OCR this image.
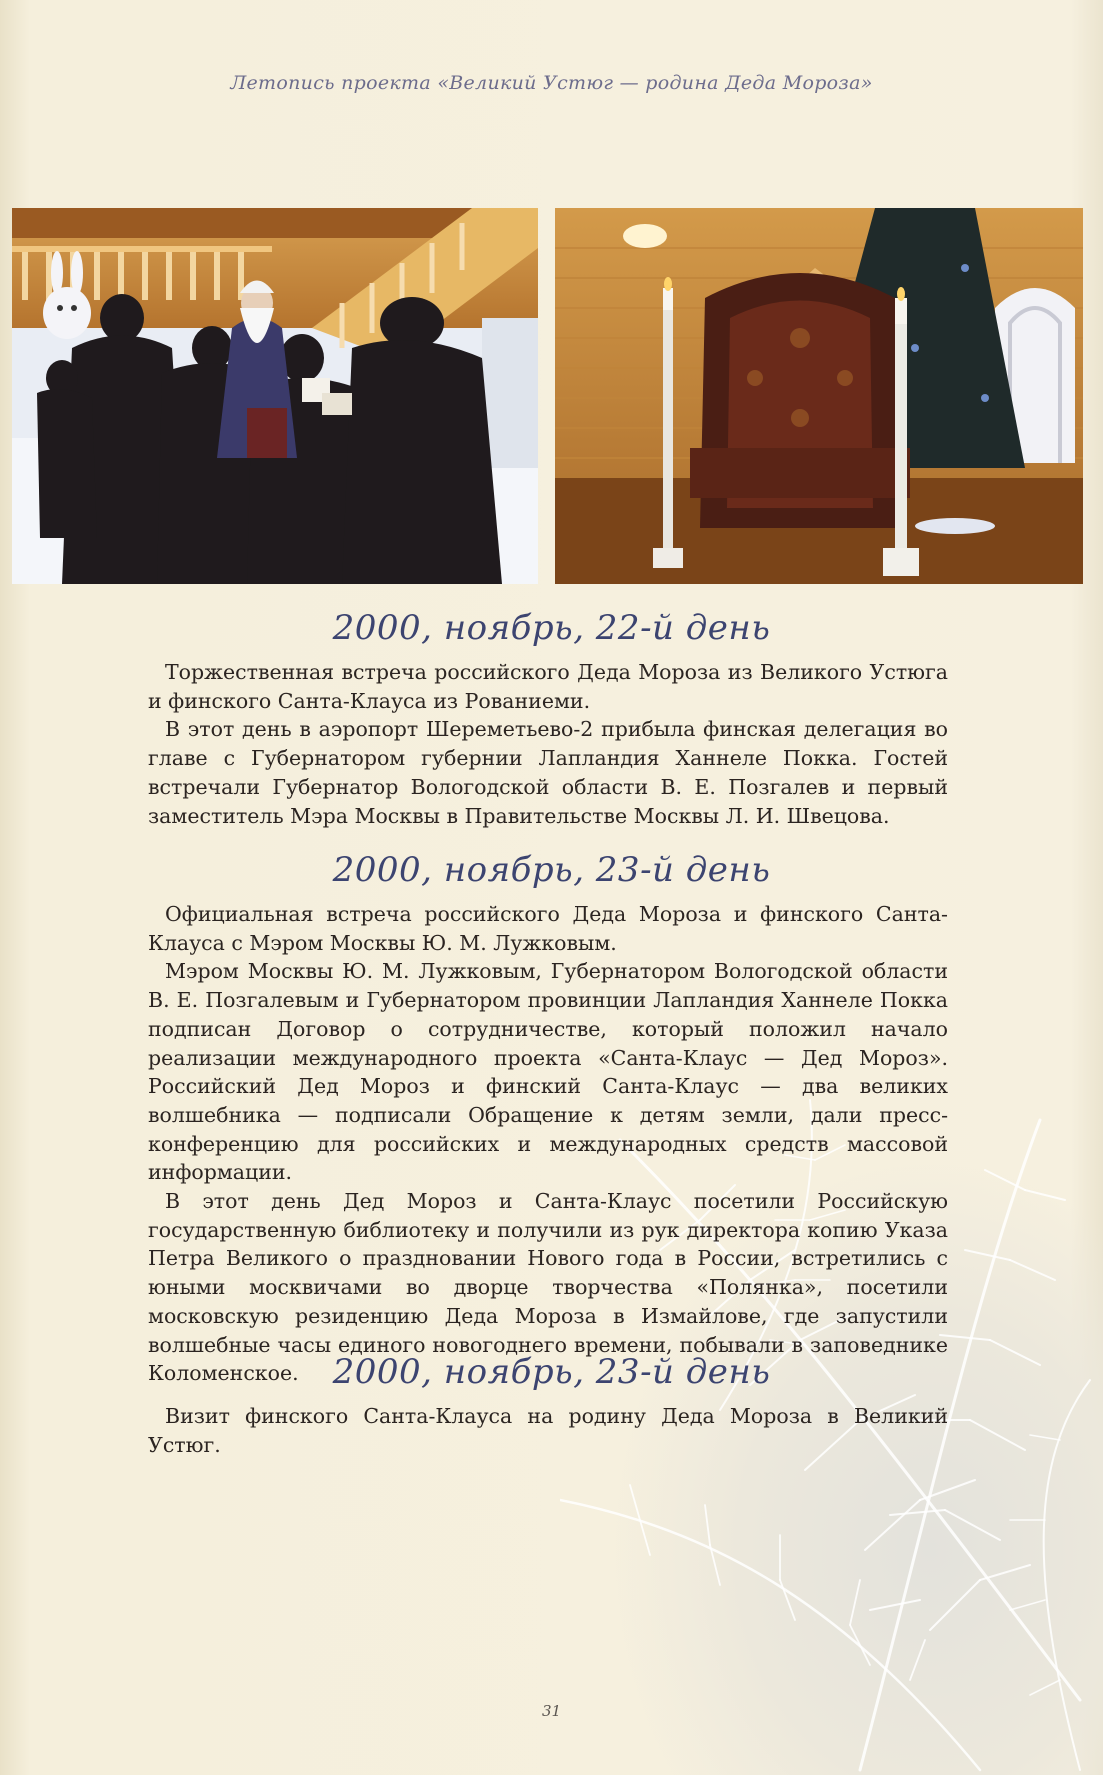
Летопись проекта «Великий Устюг — родина Деда Мороза»
2000, ноябрь, 22-й день

Торжественная встреча российского Деда Мороза из Великого Устюга и финского Санта-Клауса из Рованиеми.

В этот день в аэропорт Шереметьево-2 прибыла финская делегация во главе с Губернатором губернии Лапландия Ханнеле Покка. Гостей встречали Губернатор Вологодской области В. Е. Позгалев и первый заместитель Мэра Москвы в Правительстве Москвы Л. И. Швецова.

2000, ноябрь, 23-й день

Официальная встреча российского Деда Мороза и финского Санта-Клауса с Мэром Москвы Ю. М. Лужковым.

Мэром Москвы Ю. М. Лужковым, Губернатором Вологодской области В. Е. Позгалевым и Губернатором провинции Лапландия Ханнеле Покка подписан Договор о сотрудничестве, который положил начало реализации международного проекта «Санта-Клаус — Дед Мороз». Российский Дед Мороз и финский Санта-Клаус — два великих волшебника — подписали Обращение к детям земли, дали пресс-конференцию для российских и международных средств массовой информации.

В этот день Дед Мороз и Санта-Клаус посетили Российскую государственную библиотеку и получили из рук директора копию Указа Петра Великого о праздновании Нового года в России, встретились с юными москвичами во дворце творчества «Полянка», посетили московскую резиденцию Деда Мороза в Измайлове, где запустили волшебные часы единого новогоднего времени, побывали в заповеднике Коломенское.	2000, ноябрь, 23-й день

Визит финского Санта-Клауса на родину Деда Мороза в Великий Устюг.

31
